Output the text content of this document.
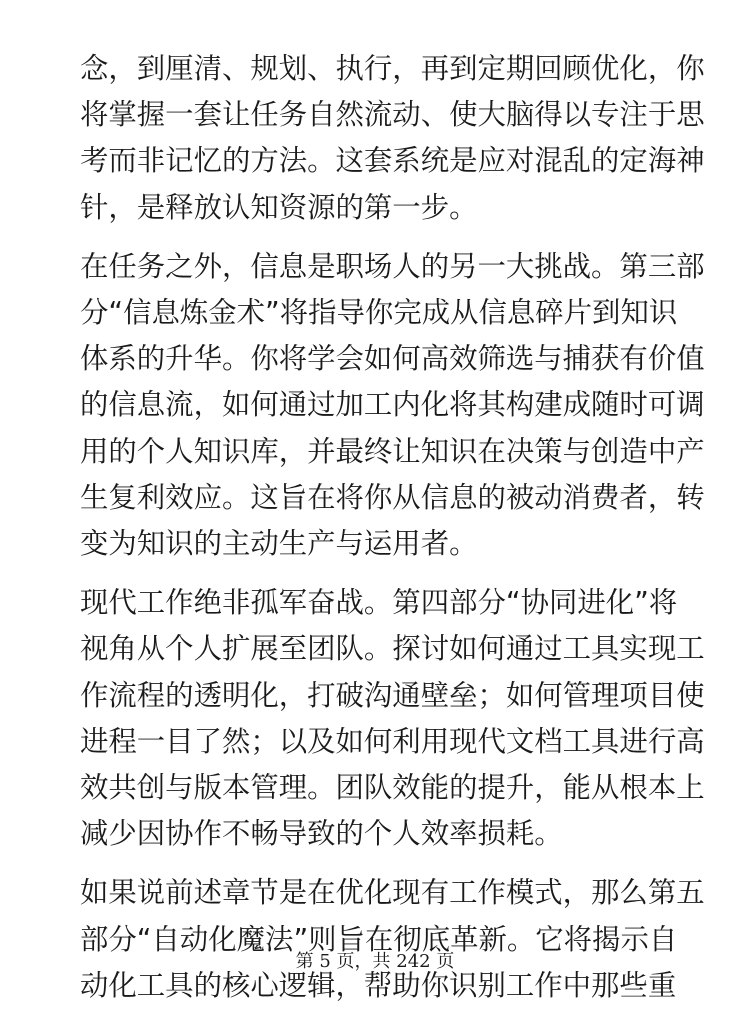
念，到厘清、规划、执行，再到定期回顾优化，你
将掌握一套让任务自然流动、使大脑得以专注于思
考而非记忆的方法。这套系统是应对混乱的定海神
针，是释放认知资源的第一步。
在任务之外，信息是职场人的另一大挑战。第三部
分“信息炼金术”将指导你完成从信息碎片到知识
体系的升华。你将学会如何高效筛选与捕获有价值
的信息流，如何通过加工内化将其构建成随时可调
用的个人知识库，并最终让知识在决策与创造中产
生复利效应。这旨在将你从信息的被动消费者，转
变为知识的主动生产与运用者。
现代工作绝非孤军奋战。第四部分“协同进化”将
视角从个人扩展至团队。探讨如何通过工具实现工
作流程的透明化，打破沟通壁垒；如何管理项目使
进程一目了然；以及如何利用现代文档工具进行高
效共创与版本管理。团队效能的提升，能从根本上
减少因协作不畅导致的个人效率损耗。
如果说前述章节是在优化现有工作模式，那么第五
部分“自动化魔法”则旨在彻底革新。它将揭示自
动化工具的核心逻辑，帮助你识别工作中那些重
第 5 页，共 242 页
